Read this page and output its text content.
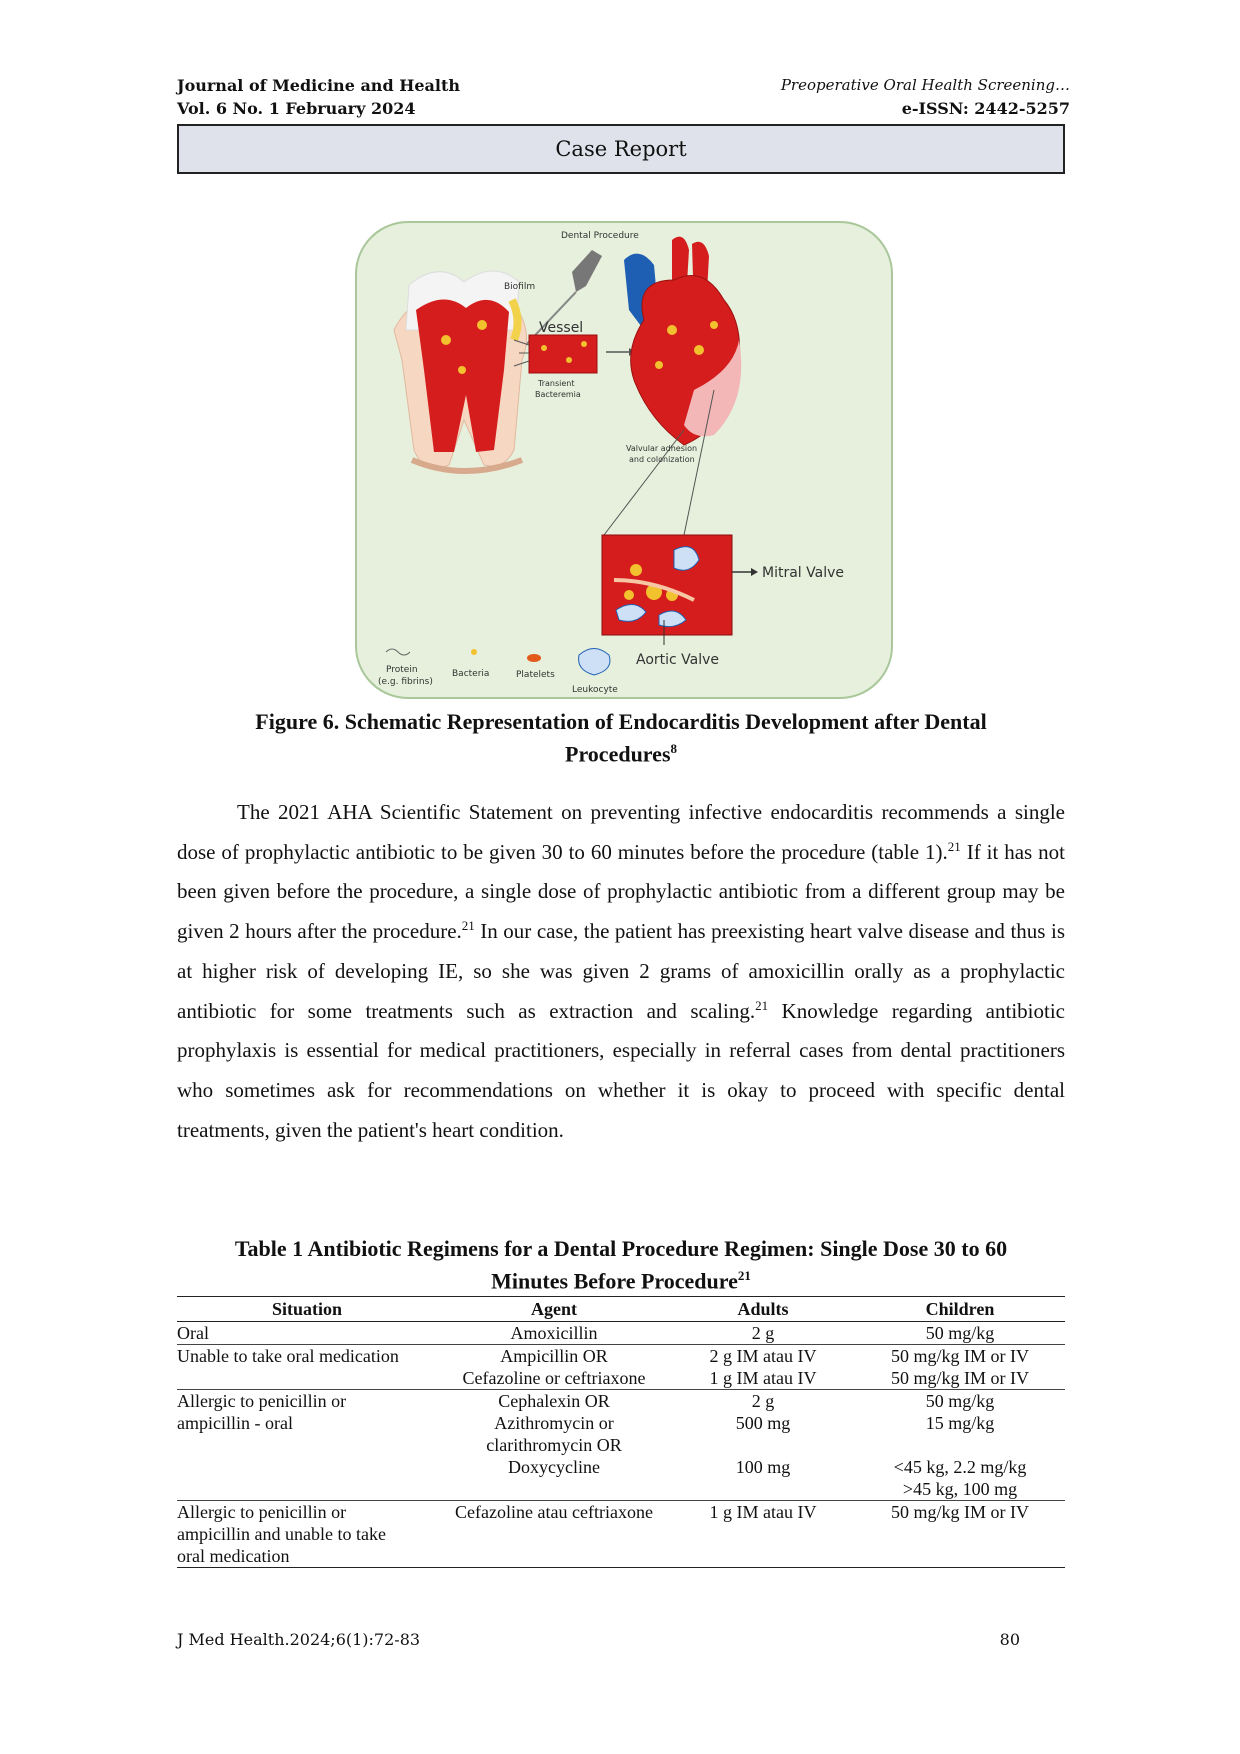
Journal of Medicine and Health
Vol. 6 No. 1 February 2024
Preoperative Oral Health Screening…
e-ISSN: 2442-5257
Case Report
Dental Procedure
Biofilm
Vessel
Transient
Bacteremia
Valvular adhesion
and colonization
Mitral Valve
Aortic Valve
Protein
(e.g. fibrins)
Bacteria	Platelets
Leukocyte
Figure 6. Schematic Representation of Endocarditis Development after Dental
Procedures$^8$

The 2021 AHA Scientific Statement on preventing infective endocarditis recommends a single dose of prophylactic antibiotic to be given 30 to 60 minutes before the procedure (table 1).$^{21}$ If it has not been given before the procedure, a single dose of prophylactic antibiotic from a different group may be given 2 hours after the procedure.$^{21}$ In our case, the patient has preexisting heart valve disease and thus is at higher risk of developing IE, so she was given 2 grams of amoxicillin orally as a prophylactic antibiotic for some treatments such as extraction and scaling.$^{21}$ Knowledge regarding antibiotic prophylaxis is essential for medical practitioners, especially in referral cases from dental practitioners who sometimes ask for recommendations on whether it is okay to proceed with specific dental treatments, given the patient's heart condition.

Table 1 Antibiotic Regimens for a Dental Procedure Regimen: Single Dose 30 to 60
Minutes Before Procedure$^{21}$
Situation	Agent	Adults	Children
Oral	Amoxicillin	2 g	50 mg/kg
Unable to take oral medication	Ampicillin OR	2 g IM atau IV	50 mg/kg IM or IV
	Cefazoline or ceftriaxone	1 g IM atau IV	50 mg/kg IM or IV
Allergic to penicillin or	Cephalexin OR	2 g	50 mg/kg
ampicillin - oral	Azithromycin or	500 mg	15 mg/kg
	clarithromycin OR		
	Doxycycline	100 mg	<45 kg, 2.2 mg/kg
			>45 kg, 100 mg
Allergic to penicillin or	Cefazoline atau ceftriaxone	1 g IM atau IV	50 mg/kg IM or IV
ampicillin and unable to take			
oral medication			
J Med Health.2024;6(1):72-83	80
